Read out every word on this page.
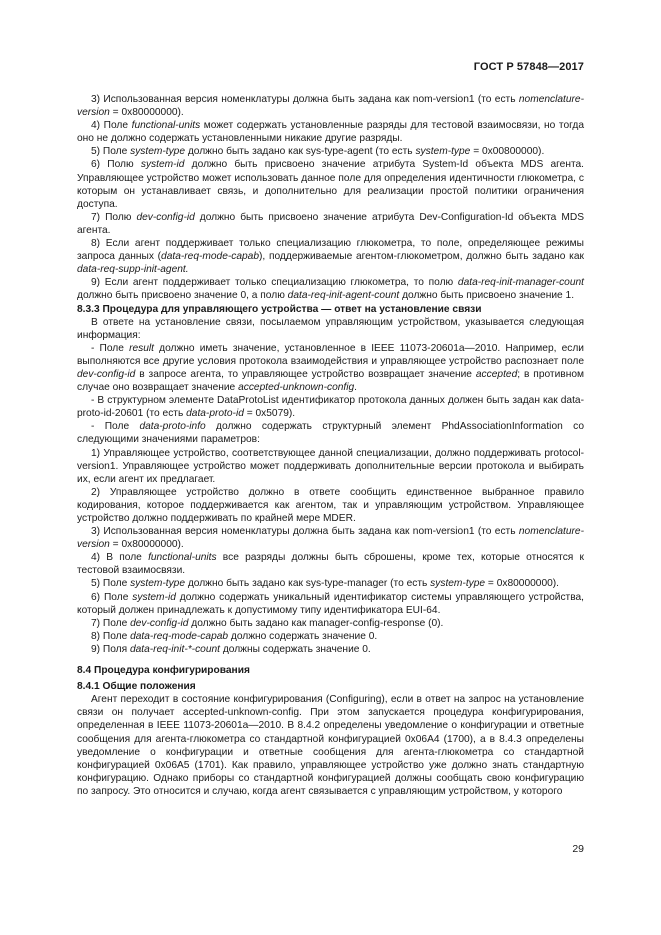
ГОСТ Р 57848—2017
3) Использованная версия номенклатуры должна быть задана как nom-version1 (то есть nomenclature-version = 0x80000000).
4) Поле functional-units может содержать установленные разряды для тестовой взаимосвязи, но тогда оно не должно содержать установленными никакие другие разряды.
5) Поле system-type должно быть задано как sys-type-agent (то есть system-type = 0x00800000).
6) Полю system-id должно быть присвоено значение атрибута System-Id объекта MDS агента. Управляющее устройство может использовать данное поле для определения идентичности глюкометра, с которым он устанавливает связь, и дополнительно для реализации простой политики ограничения доступа.
7) Полю dev-config-id должно быть присвоено значение атрибута Dev-Configuration-Id объекта MDS агента.
8) Если агент поддерживает только специализацию глюкометра, то поле, определяющее режимы запроса данных (data-req-mode-capab), поддерживаемые агентом-глюкометром, должно быть задано как data-req-supp-init-agent.
9) Если агент поддерживает только специализацию глюкометра, то полю data-req-init-manager-count должно быть присвоено значение 0, а полю data-req-init-agent-count должно быть присвоено значение 1.
8.3.3 Процедура для управляющего устройства — ответ на установление связи
В ответе на установление связи, посылаемом управляющим устройством, указывается следующая информация:
- Поле result должно иметь значение, установленное в IEEE 11073-20601a—2010. Например, если выполняются все другие условия протокола взаимодействия и управляющее устройство распознает поле dev-config-id в запросе агента, то управляющее устройство возвращает значение accepted; в противном случае оно возвращает значение accepted-unknown-config.
- В структурном элементе DataProtoList идентификатор протокола данных должен быть задан как data-proto-id-20601 (то есть data-proto-id = 0x5079).
- Поле data-proto-info должно содержать структурный элемент PhdAssociationInformation со следующими значениями параметров:
1) Управляющее устройство, соответствующее данной специализации, должно поддерживать protocol-version1. Управляющее устройство может поддерживать дополнительные версии протокола и выбирать их, если агент их предлагает.
2) Управляющее устройство должно в ответе сообщить единственное выбранное правило кодирования, которое поддерживается как агентом, так и управляющим устройством. Управляющее устройство должно поддерживать по крайней мере MDER.
3) Использованная версия номенклатуры должна быть задана как nom-version1 (то есть nomenclature-version = 0x80000000).
4) В поле functional-units все разряды должны быть сброшены, кроме тех, которые относятся к тестовой взаимосвязи.
5) Поле system-type должно быть задано как sys-type-manager (то есть system-type = 0x80000000).
6) Поле system-id должно содержать уникальный идентификатор системы управляющего устройства, который должен принадлежать к допустимому типу идентификатора EUI-64.
7) Поле dev-config-id должно быть задано как manager-config-response (0).
8) Поле data-req-mode-capab должно содержать значение 0.
9) Поля data-req-init-*-count должны содержать значение 0.
8.4 Процедура конфигурирования
8.4.1 Общие положения
Агент переходит в состояние конфигурирования (Configuring), если в ответ на запрос на установление связи он получает accepted-unknown-config. При этом запускается процедура конфигурирования, определенная в IEEE 11073-20601a—2010. В 8.4.2 определены уведомление о конфигурации и ответные сообщения для агента-глюкометра со стандартной конфигурацией 0x06A4 (1700), а в 8.4.3 определены уведомление о конфигурации и ответные сообщения для агента-глюкометра со стандартной конфигурацией 0x06A5 (1701). Как правило, управляющее устройство уже должно знать стандартную конфигурацию. Однако приборы со стандартной конфигурацией должны сообщать свою конфигурацию по запросу. Это относится и случаю, когда агент связывается с управляющим устройством, у которого
29
